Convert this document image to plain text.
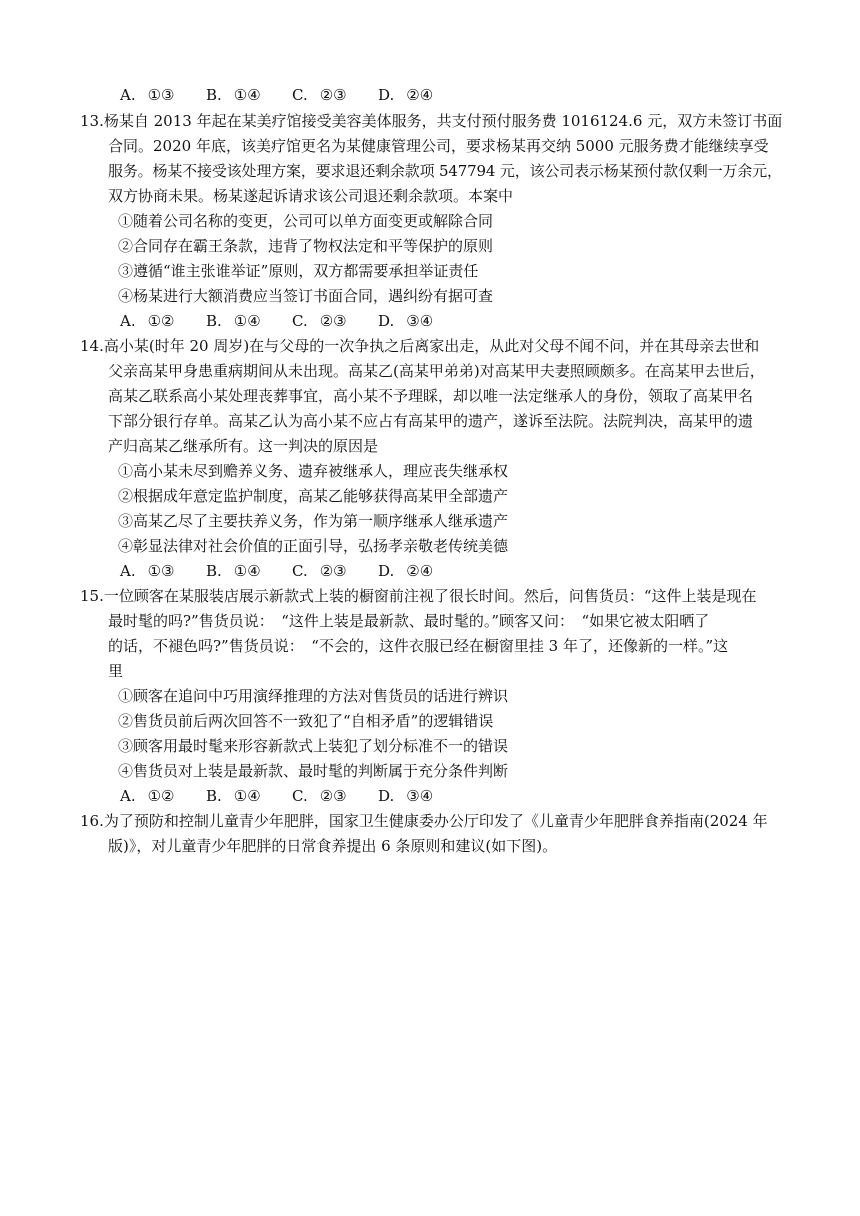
A. ①③ B. ①④ C. ②③ D. ②④
13.杨某自 2013 年起在某美疗馆接受美容美体服务，共支付预付服务费 1016124.6 元，双方未签订书面
合同。2020 年底，该美疗馆更名为某健康管理公司，要求杨某再交纳 5000 元服务费才能继续享受
服务。杨某不接受该处理方案，要求退还剩余款项 547794 元，该公司表示杨某预付款仅剩一万余元，
双方协商未果。杨某遂起诉请求该公司退还剩余款项。本案中
①随着公司名称的变更，公司可以单方面变更或解除合同
②合同存在霸王条款，违背了物权法定和平等保护的原则
③遵循“谁主张谁举证”原则，双方都需要承担举证责任
④杨某进行大额消费应当签订书面合同，遇纠纷有据可查
A. ①② B. ①④ C. ②③ D. ③④
14.高小某(时年 20 周岁)在与父母的一次争执之后离家出走，从此对父母不闻不问，并在其母亲去世和
父亲高某甲身患重病期间从未出现。高某乙(高某甲弟弟)对高某甲夫妻照顾颇多。在高某甲去世后，
高某乙联系高小某处理丧葬事宜，高小某不予理睬，却以唯一法定继承人的身份，领取了高某甲名
下部分银行存单。高某乙认为高小某不应占有高某甲的遗产，遂诉至法院。法院判决，高某甲的遗
产归高某乙继承所有。这一判决的原因是
①高小某未尽到赡养义务、遗弃被继承人，理应丧失继承权
②根据成年意定监护制度，高某乙能够获得高某甲全部遗产
③高某乙尽了主要扶养义务，作为第一顺序继承人继承遗产
④彰显法律对社会价值的正面引导，弘扬孝亲敬老传统美德
A. ①③ B. ①④ C. ②③ D. ②④
15.一位顾客在某服装店展示新款式上装的橱窗前注视了很长时间。然后，问售货员：“这件上装是现在
最时髦的吗?”售货员说：　“这件上装是最新款、最时髦的。”顾客又问：　“如果它被太阳晒了
的话，不褪色吗?”售货员说：　“不会的，这件衣服已经在橱窗里挂 3 年了，还像新的一样。”这
里
①顾客在追问中巧用演绎推理的方法对售货员的话进行辨识
②售货员前后两次回答不一致犯了“自相矛盾”的逻辑错误
③顾客用最时髦来形容新款式上装犯了划分标准不一的错误
④售货员对上装是最新款、最时髦的判断属于充分条件判断
A. ①② B. ①④ C. ②③ D. ③④
16.为了预防和控制儿童青少年肥胖，国家卫生健康委办公厅印发了《儿童青少年肥胖食养指南(2024 年
版)》，对儿童青少年肥胖的日常食养提出 6 条原则和建议(如下图)。
